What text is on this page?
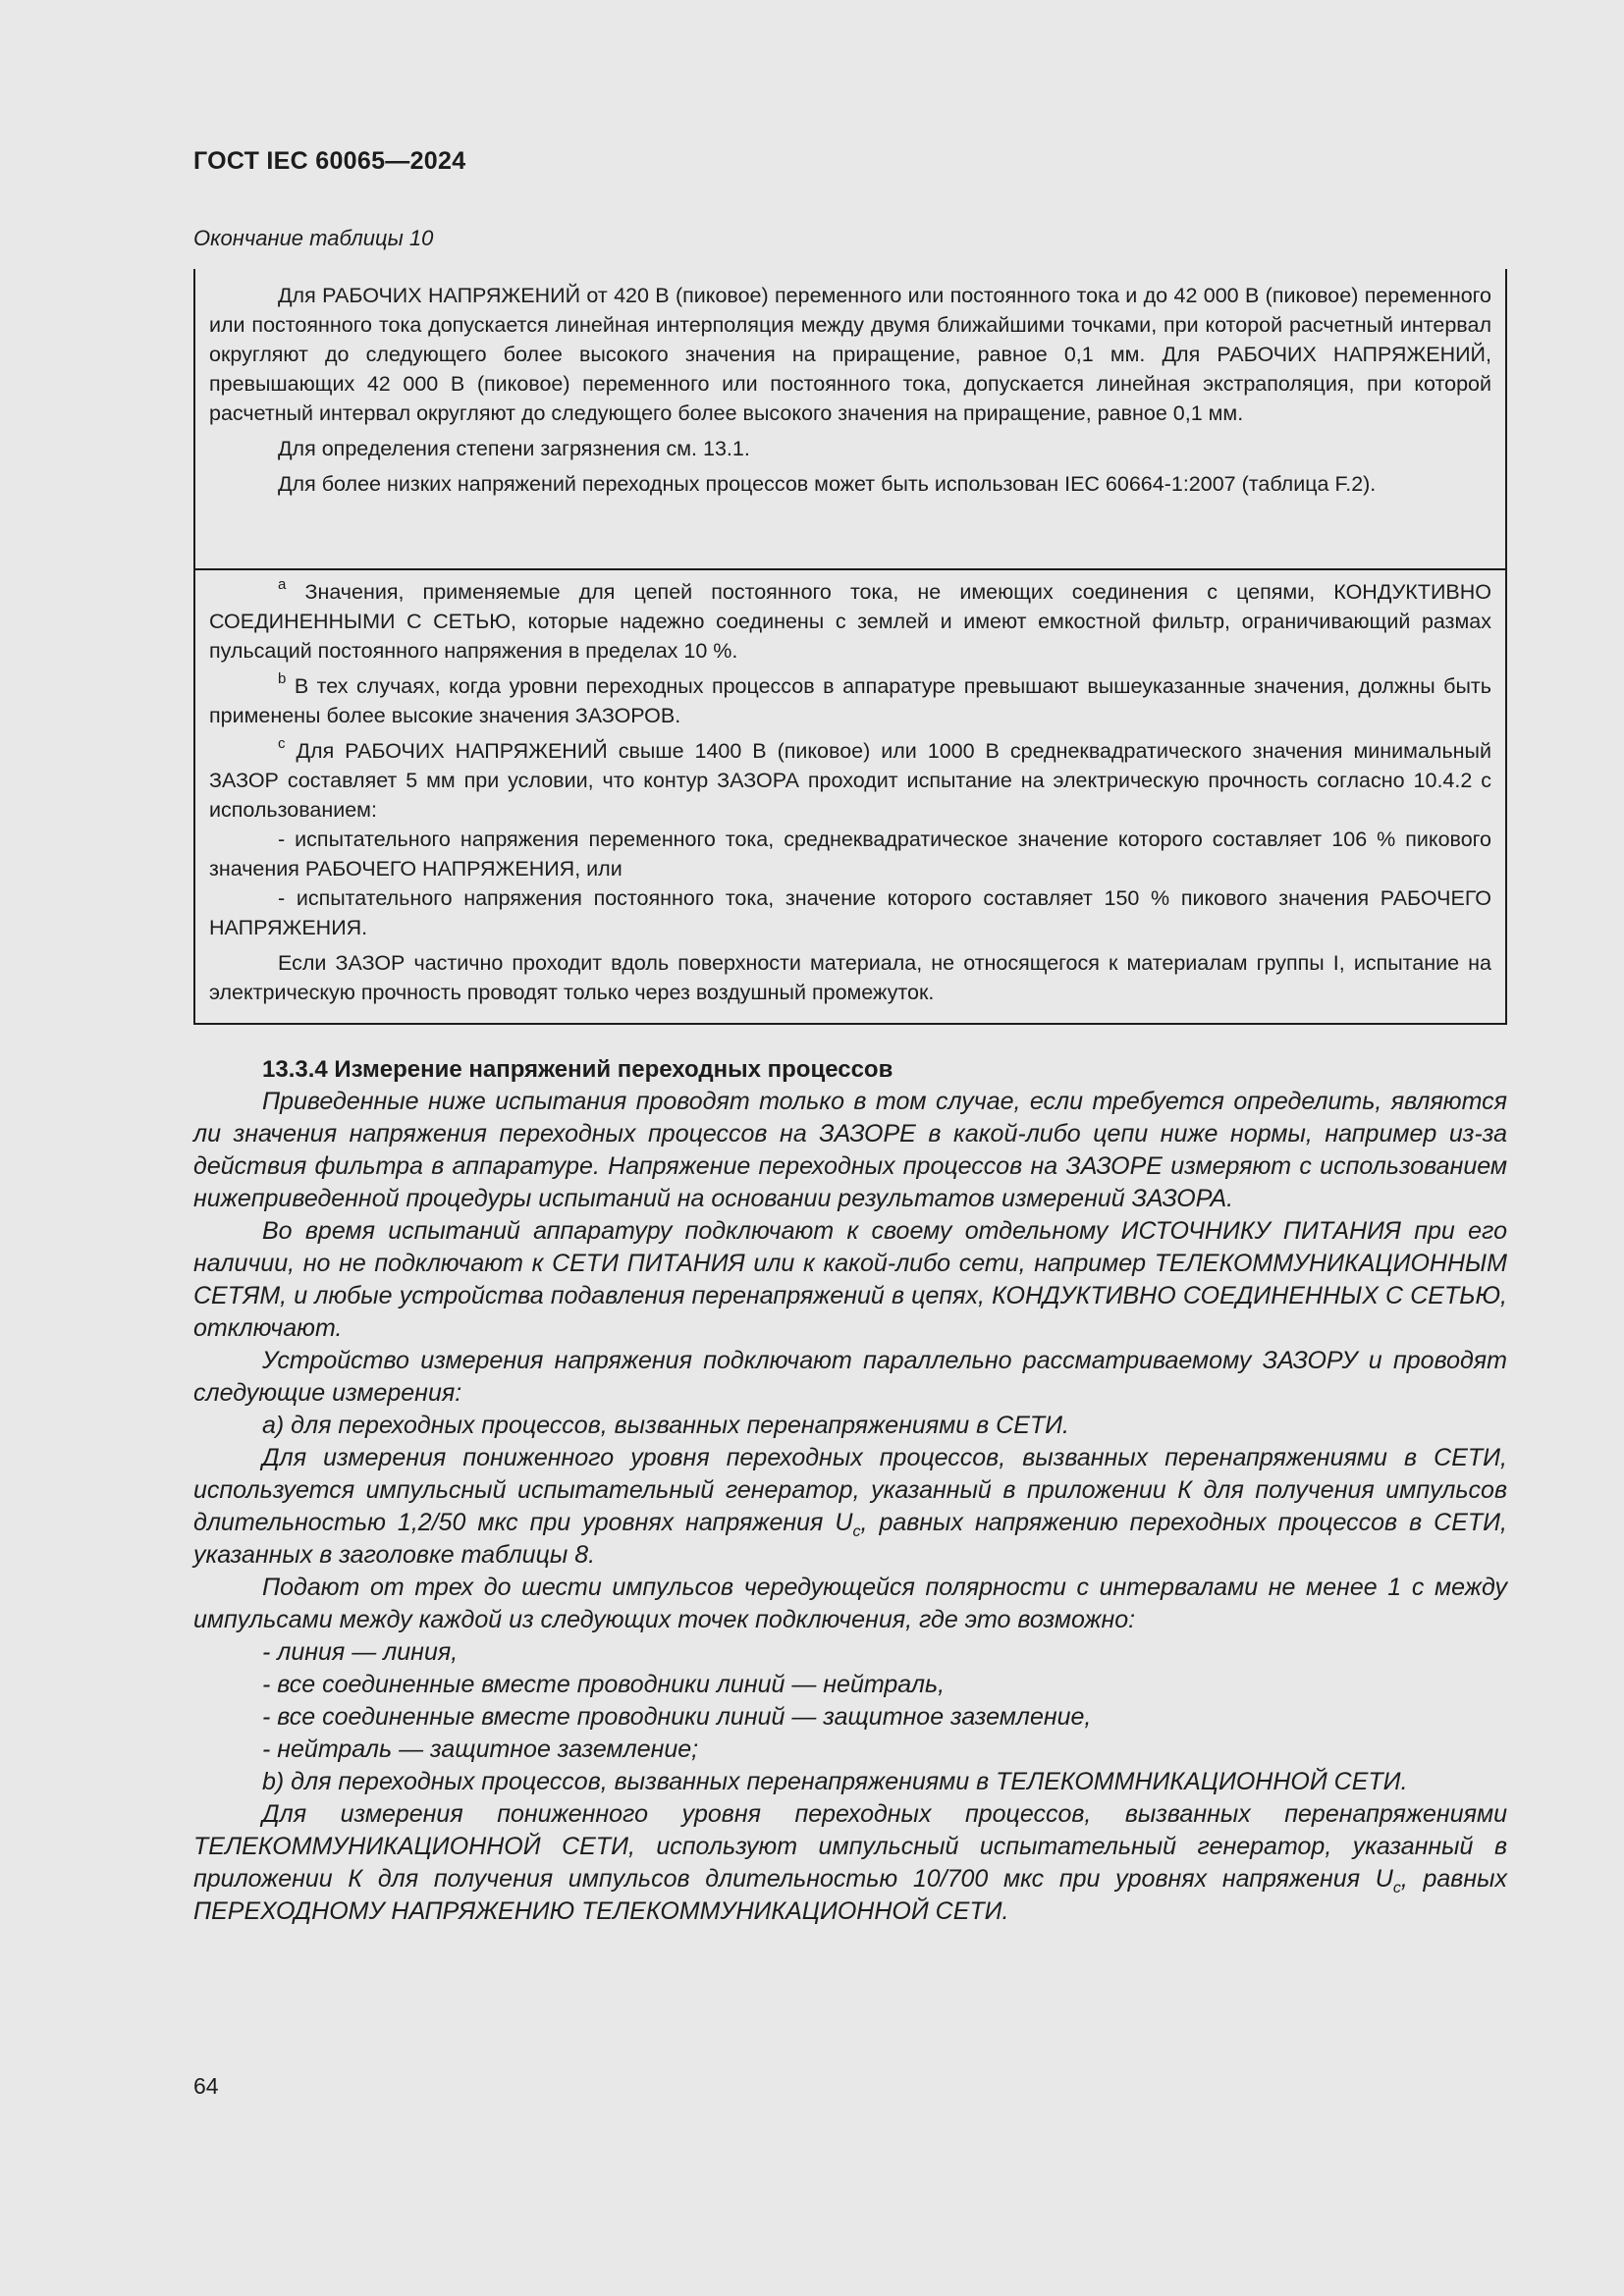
ГОСТ IEC 60065—2024
Окончание таблицы 10

Для РАБОЧИХ НАПРЯЖЕНИЙ от 420 В (пиковое) переменного или постоянного тока и до 42 000 В (пиковое) переменного или постоянного тока допускается линейная интерполяция между двумя ближайшими точками, при которой расчетный интервал округляют до следующего более высокого значения на приращение, равное 0,1 мм. Для РАБОЧИХ НАПРЯЖЕНИЙ, превышающих 42 000 В (пиковое) переменного или постоянного тока, допускается линейная экстраполяция, при которой расчетный интервал округляют до следующего более высокого значения на приращение, равное 0,1 мм.

Для определения степени загрязнения см. 13.1.

Для более низких напряжений переходных процессов может быть использован IEC 60664-1:2007 (таблица F.2).

$^a$ Значения, применяемые для цепей постоянного тока, не имеющих соединения с цепями, КОНДУКТИВНО СОЕДИНЕННЫМИ С СЕТЬЮ, которые надежно соединены с землей и имеют емкостной фильтр, ограничивающий размах пульсаций постоянного напряжения в пределах 10 %.

$^b$ В тех случаях, когда уровни переходных процессов в аппаратуре превышают вышеуказанные значения, должны быть применены более высокие значения ЗАЗОРОВ.

$^c$ Для РАБОЧИХ НАПРЯЖЕНИЙ свыше 1400 В (пиковое) или 1000 В среднеквадратического значения минимальный ЗАЗОР составляет 5 мм при условии, что контур ЗАЗОРА проходит испытание на электрическую прочность согласно 10.4.2 с использованием:

- испытательного напряжения переменного тока, среднеквадратическое значение которого составляет 106 % пикового значения РАБОЧЕГО НАПРЯЖЕНИЯ, или

- испытательного напряжения постоянного тока, значение которого составляет 150 % пикового значения РАБОЧЕГО НАПРЯЖЕНИЯ.

Если ЗАЗОР частично проходит вдоль поверхности материала, не относящегося к материалам группы I, испытание на электрическую прочность проводят только через воздушный промежуток.

13.3.4 Измерение напряжений переходных процессов

Приведенные ниже испытания проводят только в том случае, если требуется определить, являются ли значения напряжения переходных процессов на ЗАЗОРЕ в какой-либо цепи ниже нормы, например из-за действия фильтра в аппаратуре. Напряжение переходных процессов на ЗАЗОРЕ измеряют с использованием нижеприведенной процедуры испытаний на основании результатов измерений ЗАЗОРА.

Во время испытаний аппаратуру подключают к своему отдельному ИСТОЧНИКУ ПИТАНИЯ при его наличии, но не подключают к СЕТИ ПИТАНИЯ или к какой-либо сети, например ТЕЛЕКОММУНИКАЦИОННЫМ СЕТЯМ, и любые устройства подавления перенапряжений в цепях, КОНДУКТИВНО СОЕДИНЕННЫХ С СЕТЬЮ, отключают.

Устройство измерения напряжения подключают параллельно рассматриваемому ЗАЗОРУ и проводят следующие измерения:

a) для переходных процессов, вызванных перенапряжениями в СЕТИ.

Для измерения пониженного уровня переходных процессов, вызванных перенапряжениями в СЕТИ, используется импульсный испытательный генератор, указанный в приложении К для получения импульсов длительностью 1,2/50 мкс при уровнях напряжения $U_c$, равных напряжению переходных процессов в СЕТИ, указанных в заголовке таблицы 8.

Подают от трех до шести импульсов чередующейся полярности с интервалами не менее 1 с между импульсами между каждой из следующих точек подключения, где это возможно:

- линия — линия,

- все соединенные вместе проводники линий — нейтраль,

- все соединенные вместе проводники линий — защитное заземление,

- нейтраль — защитное заземление;

b) для переходных процессов, вызванных перенапряжениями в ТЕЛЕКОММНИКАЦИОННОЙ СЕТИ.

Для измерения пониженного уровня переходных процессов, вызванных перенапряжениями ТЕЛЕКОММУНИКАЦИОННОЙ СЕТИ, используют импульсный испытательный генератор, указанный в приложении К для получения импульсов длительностью 10/700 мкс при уровнях напряжения $U_c$, равных ПЕРЕХОДНОМУ НАПРЯЖЕНИЮ ТЕЛЕКОММУНИКАЦИОННОЙ СЕТИ.

64
